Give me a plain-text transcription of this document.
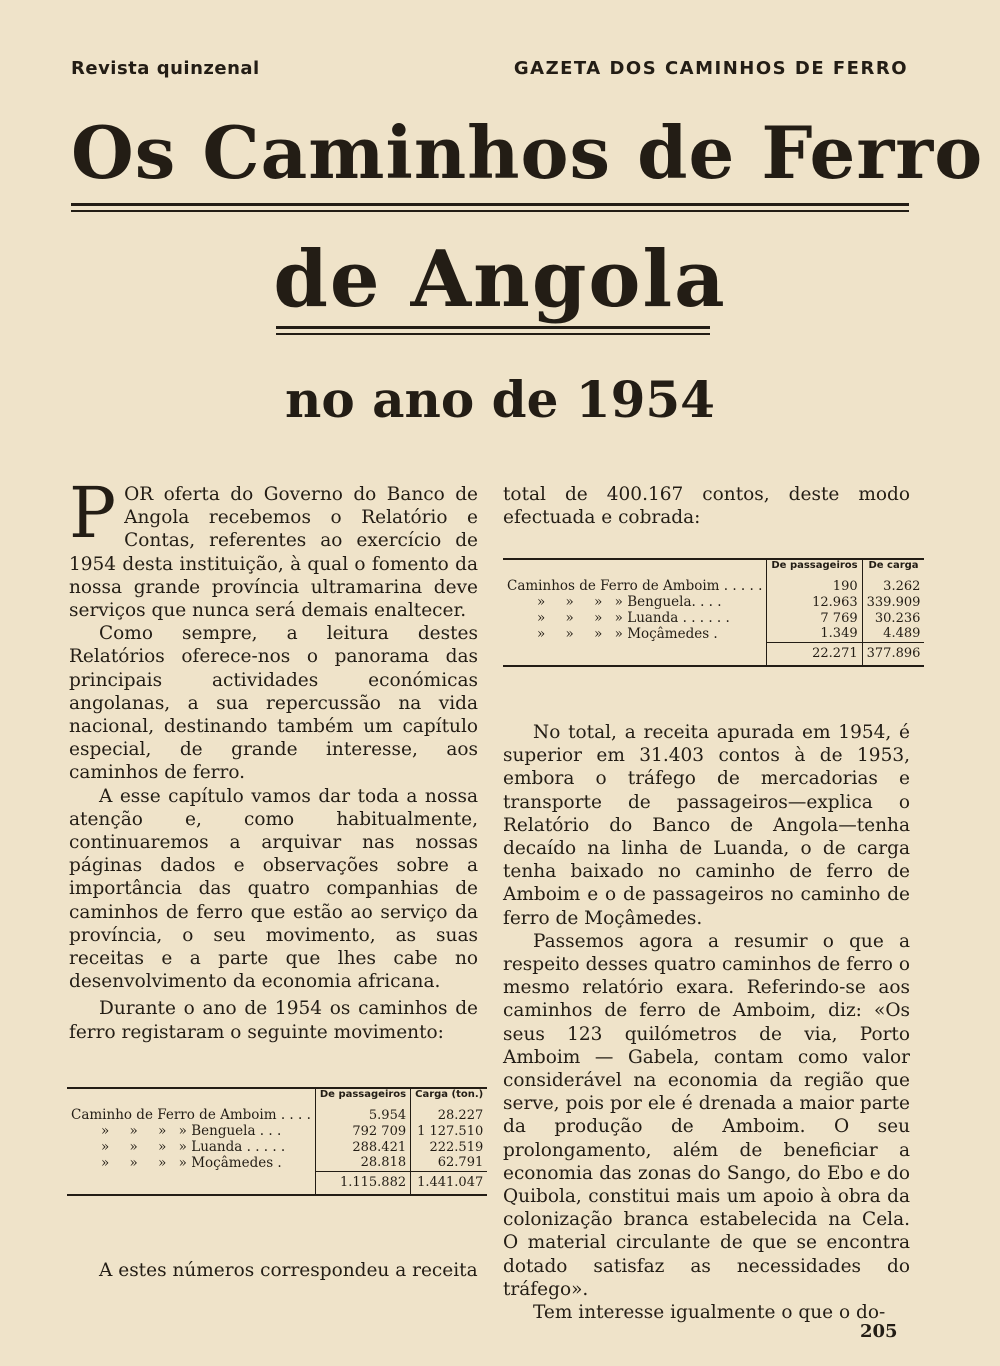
Revista quinzenal	GAZETA DOS CAMINHOS DE FERRO
Os Caminhos de Ferro
de Angola
no ano de 1954

POR oferta do Governo do Banco de Angola recebemos o Relatório e Contas, referentes ao exercício de 1954 desta instituição, à qual o fomento da nossa grande província ultramarina deve serviços que nunca será demais enaltecer.

Como sempre, a leitura destes Relatórios oferece-nos o panorama das principais actividades económicas angolanas, a sua repercussão na vida nacional, destinando também um capítulo especial, de grande interesse, aos caminhos de ferro.

A esse capítulo vamos dar toda a nossa atenção e, como habitualmente, continuaremos a arquivar nas nossas páginas dados e observações sobre a importância das quatro companhias de caminhos de ferro que estão ao serviço da província, o seu movimento, as suas receitas e a parte que lhes cabe no desenvolvimento da economia africana.

Durante o ano de 1954 os caminhos de ferro registaram o seguinte movimento:

	De passageiros	Carga (ton.)
Caminho de Ferro de Amboim . . . .	5.954	28.227
» » » » Benguela . . .	792 709	1 127.510
» » » » Luanda . . . . .	288.421	222.519
» » » » Moçâmedes .	28.818	62.791
	1.115.882	1.441.047

A estes números correspondeu a receita

total de 400.167 contos, deste modo efectuada e cobrada:

	De passageiros	De carga
Caminhos de Ferro de Amboim . . . . .	190	3.262
» » » » Benguela. . . .	12.963	339.909
» » » » Luanda . . . . . .	7 769	30.236
» » » » Moçâmedes .	1.349	4.489
	22.271	377.896

No total, a receita apurada em 1954, é superior em 31.403 contos à de 1953, embora o tráfego de mercadorias e transporte de passageiros—explica o Relatório do Banco de Angola—tenha decaído na linha de Luanda, o de carga tenha baixado no caminho de ferro de Amboim e o de passageiros no caminho de ferro de Moçâmedes.

Passemos agora a resumir o que a respeito desses quatro caminhos de ferro o mesmo relatório exara. Referindo-se aos caminhos de ferro de Amboim, diz: «Os seus 123 quilómetros de via, Porto Amboim — Gabela, contam como valor considerável na economia da região que serve, pois por ele é drenada a maior parte da produção de Amboim. O seu prolongamento, além de beneficiar a economia das zonas do Sango, do Ebo e do Quibola, constitui mais um apoio à obra da colonização branca estabelecida na Cela. O material circulante de que se encontra dotado satisfaz as necessidades do tráfego».

Tem interesse igualmente o que o do-

205
